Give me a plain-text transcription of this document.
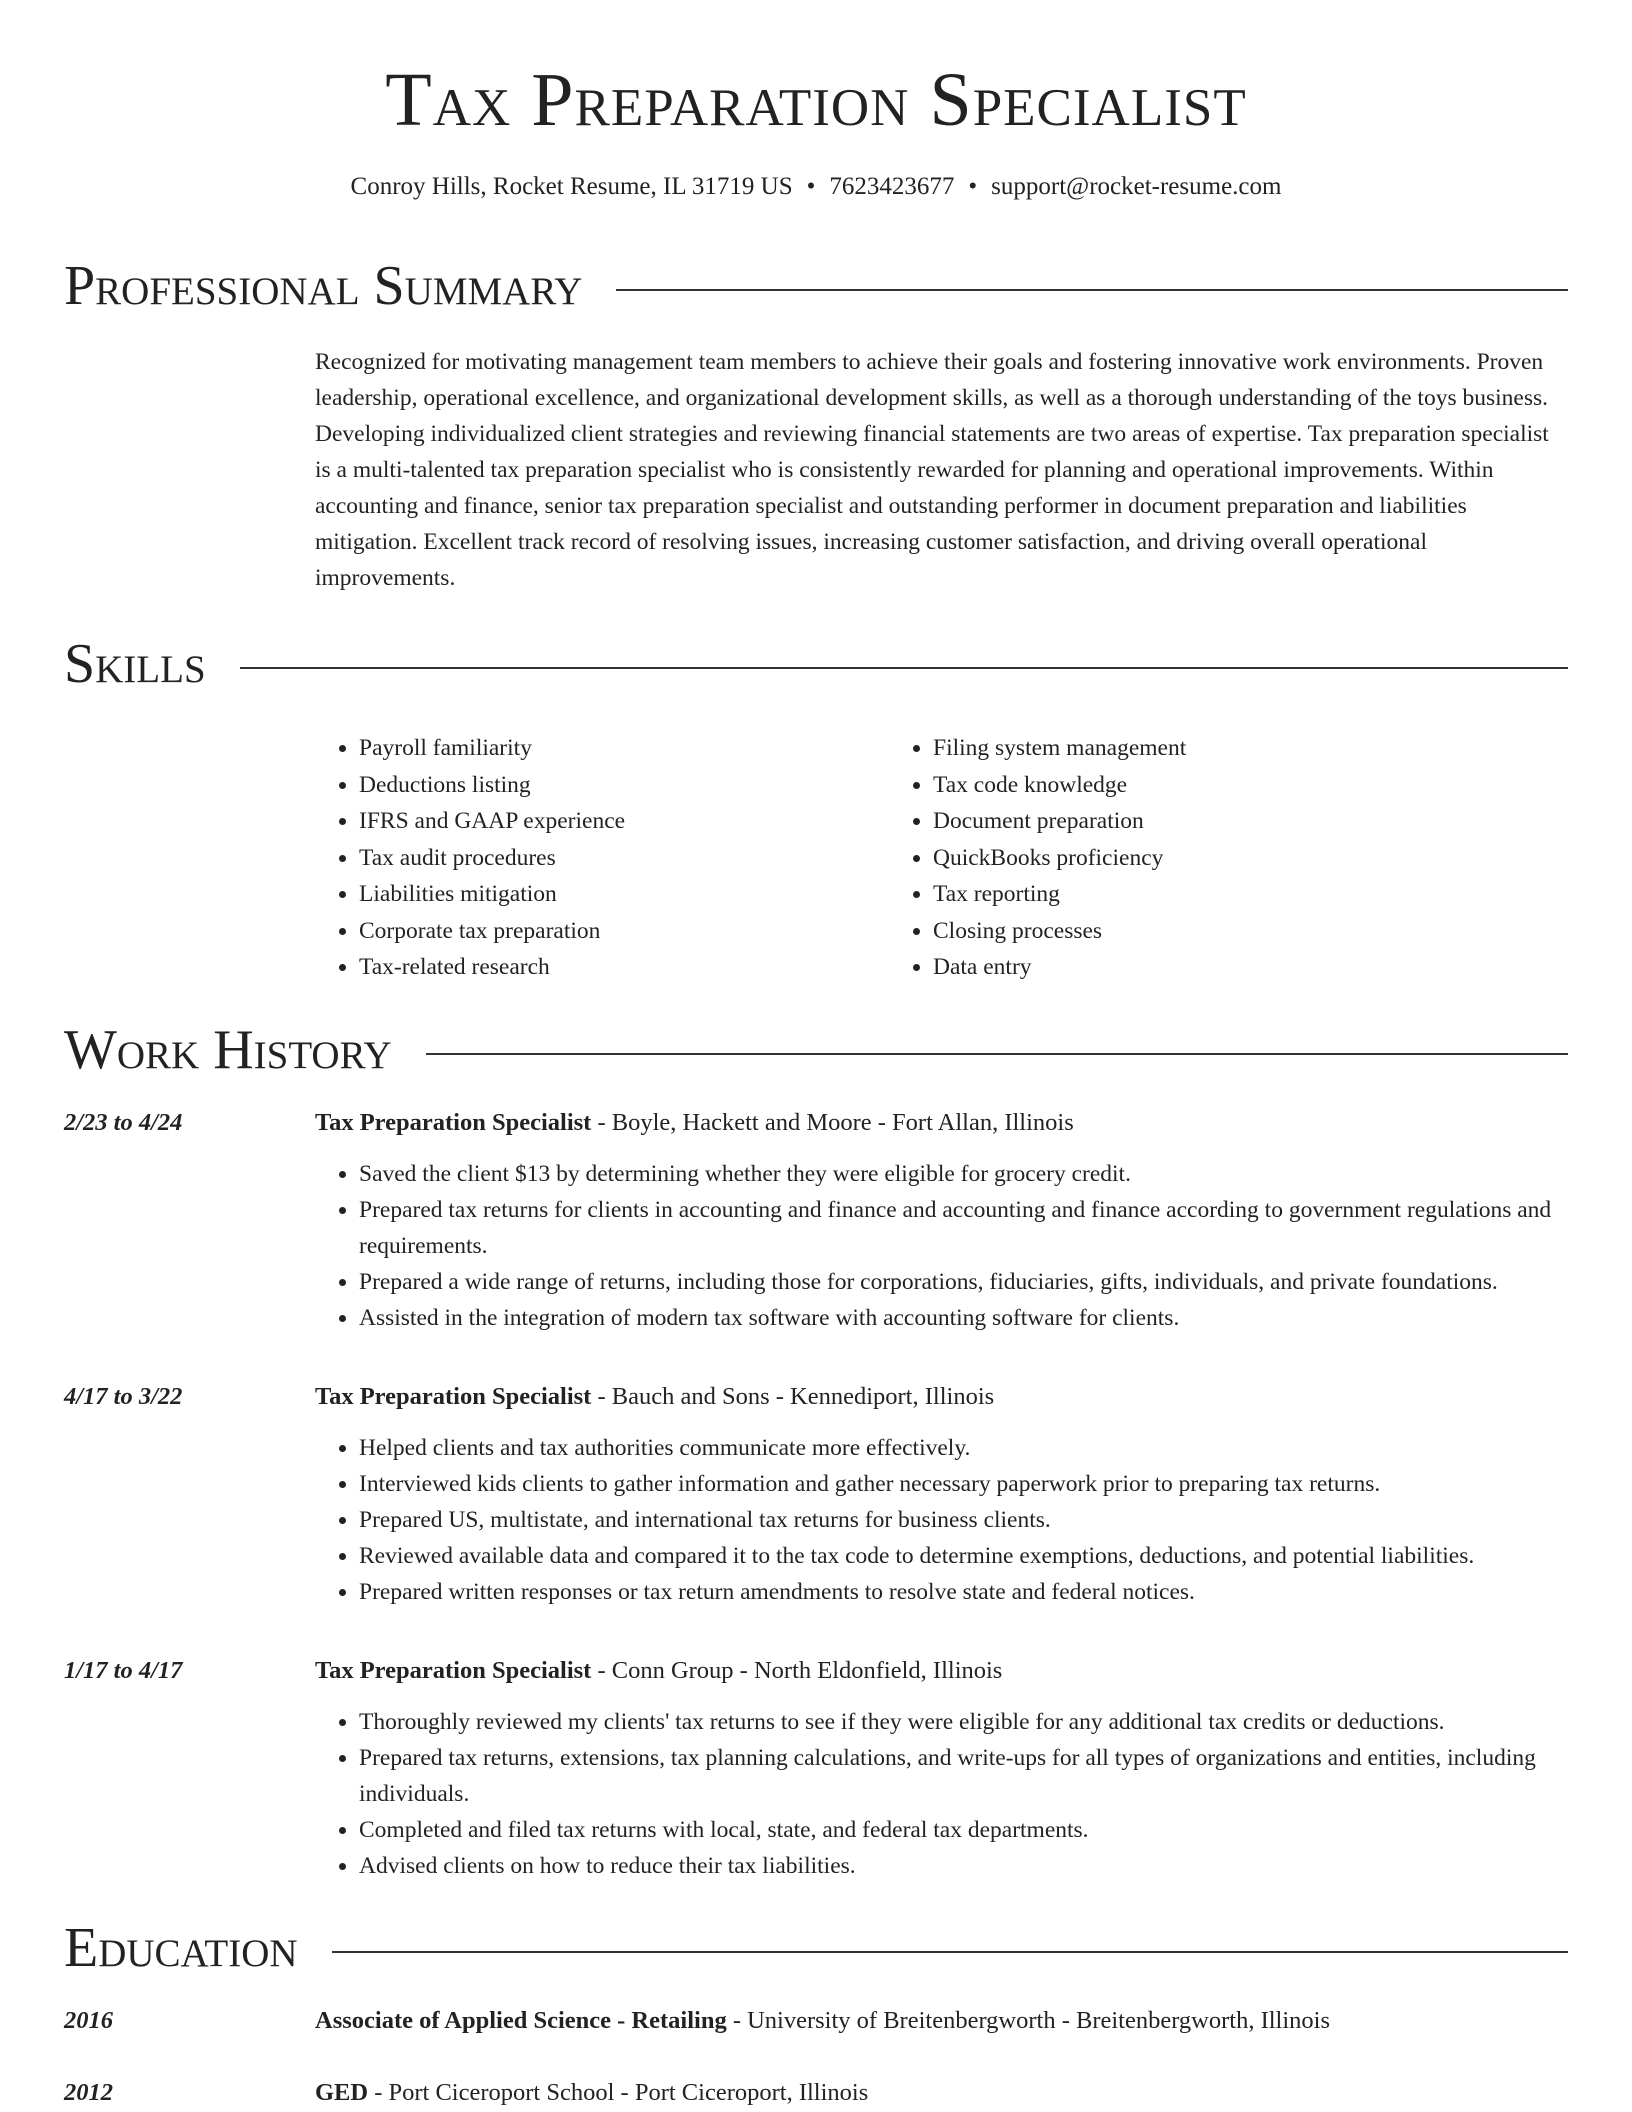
Tax Preparation Specialist
Conroy Hills, Rocket Resume, IL 31719 US • 7623423677 • support@rocket-resume.com
Professional Summary

Recognized for motivating management team members to achieve their goals and fostering innovative work environments. Proven leadership, operational excellence, and organizational development skills, as well as a thorough understanding of the toys business. Developing individualized client strategies and reviewing financial statements are two areas of expertise. Tax preparation specialist is a multi-talented tax preparation specialist who is consistently rewarded for planning and operational improvements. Within accounting and finance, senior tax preparation specialist and outstanding performer in document preparation and liabilities mitigation. Excellent track record of resolving issues, increasing customer satisfaction, and driving overall operational improvements.

Skills
• Payroll familiarity
• Deductions listing
• IFRS and GAAP experience
• Tax audit procedures
• Liabilities mitigation
• Corporate tax preparation
• Tax-related research
• Filing system management
• Tax code knowledge
• Document preparation
• QuickBooks proficiency
• Tax reporting
• Closing processes
• Data entry
Work History
2/23 to 4/24	Tax Preparation Specialist - Boyle, Hackett and Moore - Fort Allan, Illinois
• Saved the client $13 by determining whether they were eligible for grocery credit.
• Prepared tax returns for clients in accounting and finance and accounting and finance according to government regulations and requirements.
• Prepared a wide range of returns, including those for corporations, fiduciaries, gifts, individuals, and private foundations.
• Assisted in the integration of modern tax software with accounting software for clients.
4/17 to 3/22	Tax Preparation Specialist - Bauch and Sons - Kennediport, Illinois
• Helped clients and tax authorities communicate more effectively.
• Interviewed kids clients to gather information and gather necessary paperwork prior to preparing tax returns.
• Prepared US, multistate, and international tax returns for business clients.
• Reviewed available data and compared it to the tax code to determine exemptions, deductions, and potential liabilities.
• Prepared written responses or tax return amendments to resolve state and federal notices.
1/17 to 4/17	Tax Preparation Specialist - Conn Group - North Eldonfield, Illinois
• Thoroughly reviewed my clients' tax returns to see if they were eligible for any additional tax credits or deductions.
• Prepared tax returns, extensions, tax planning calculations, and write-ups for all types of organizations and entities, including individuals.
• Completed and filed tax returns with local, state, and federal tax departments.
• Advised clients on how to reduce their tax liabilities.
Education
2016	Associate of Applied Science - Retailing - University of Breitenbergworth - Breitenbergworth, Illinois
2012	GED - Port Ciceroport School - Port Ciceroport, Illinois
